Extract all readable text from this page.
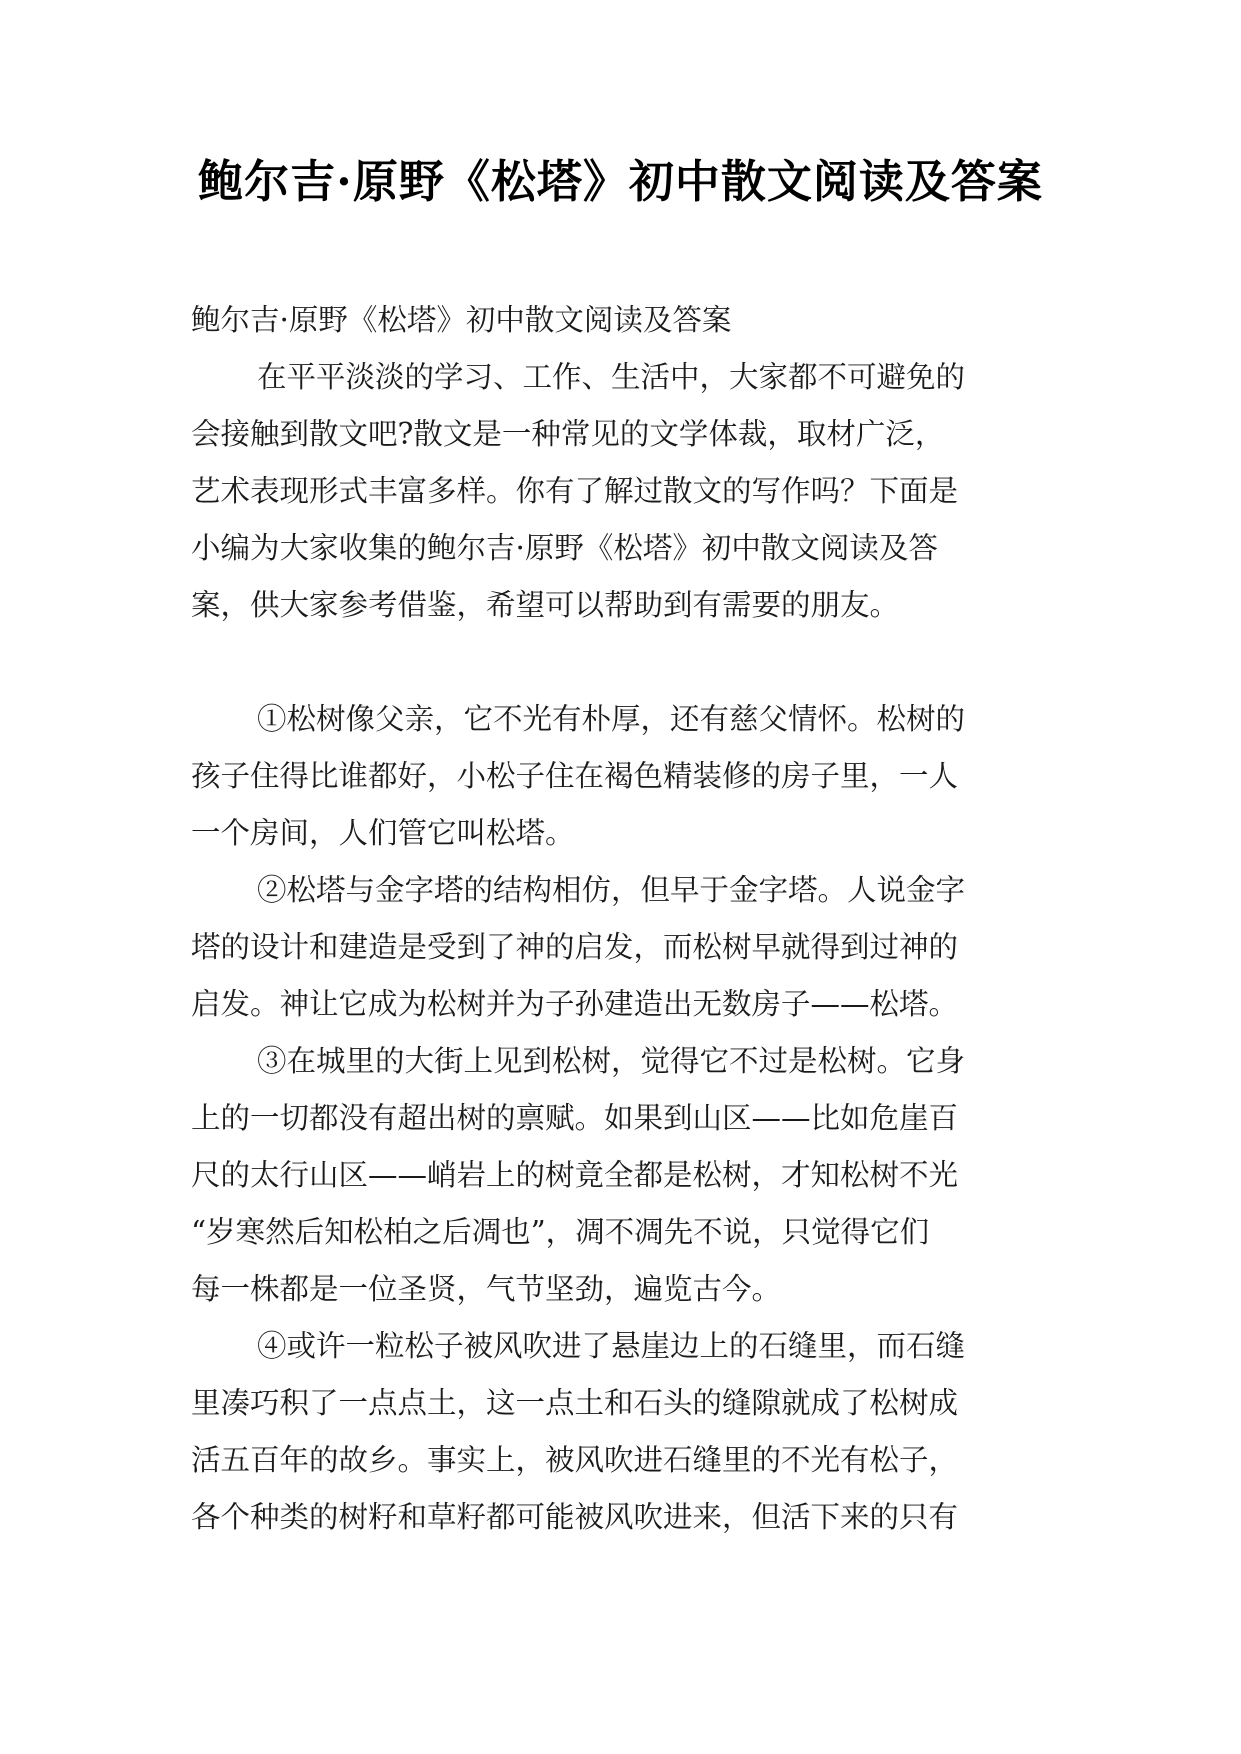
鲍尔吉·原野《松塔》初中散文阅读及答案
鲍尔吉·原野《松塔》初中散文阅读及答案
在平平淡淡的学习、工作、生活中，大家都不可避免的
会接触到散文吧?散文是一种常见的文学体裁，取材广泛，
艺术表现形式丰富多样。你有了解过散文的写作吗？下面是
小编为大家收集的鲍尔吉·原野《松塔》初中散文阅读及答
案，供大家参考借鉴，希望可以帮助到有需要的朋友。
①松树像父亲，它不光有朴厚，还有慈父情怀。松树的
孩子住得比谁都好，小松子住在褐色精装修的房子里，一人
一个房间，人们管它叫松塔。
②松塔与金字塔的结构相仿，但早于金字塔。人说金字
塔的设计和建造是受到了神的启发，而松树早就得到过神的
启发。神让它成为松树并为子孙建造出无数房子——松塔。
③在城里的大街上见到松树，觉得它不过是松树。它身
上的一切都没有超出树的禀赋。如果到山区——比如危崖百
尺的太行山区——峭岩上的树竟全都是松树，才知松树不光
“岁寒然后知松柏之后凋也”，凋不凋先不说，只觉得它们
每一株都是一位圣贤，气节坚劲，遍览古今。
④或许一粒松子被风吹进了悬崖边上的石缝里，而石缝
里凑巧积了一点点土，这一点土和石头的缝隙就成了松树成
活五百年的故乡。事实上，被风吹进石缝里的不光有松子，
各个种类的树籽和草籽都可能被风吹进来，但活下来的只有
